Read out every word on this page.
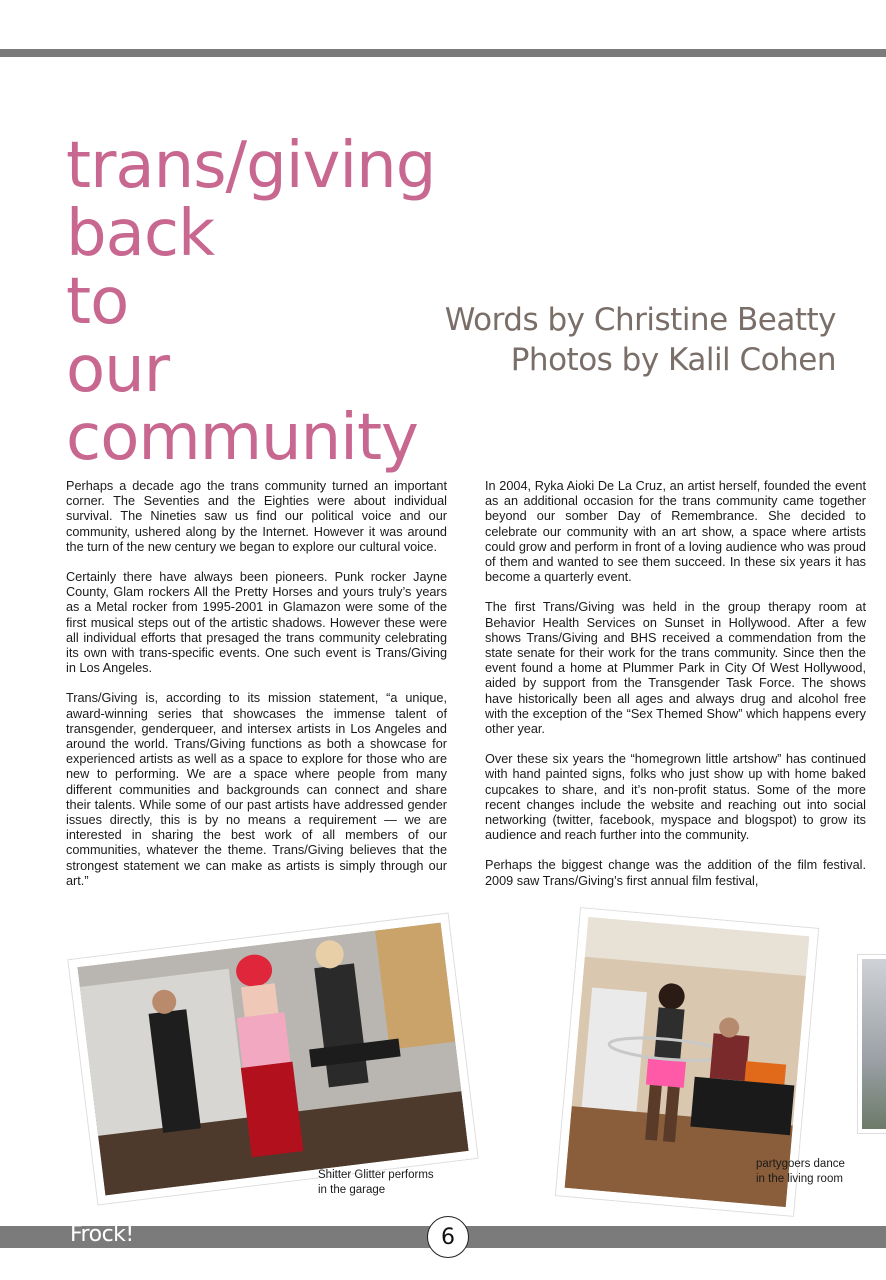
trans/giving
back
to
our
community
Words by Christine Beatty
Photos by Kalil Cohen

Perhaps a decade ago the trans community turned an important corner. The Seventies and the Eighties were about individual survival. The Nineties saw us find our political voice and our community, ushered along by the Internet. However it was around the turn of the new century we began to explore our cultural voice.

Certainly there have always been pioneers. Punk rocker Jayne County, Glam rockers All the Pretty Horses and yours truly’s years as a Metal rocker from 1995-2001 in Glamazon were some of the first musical steps out of the artistic shadows. However these were all individual efforts that presaged the trans community celebrating its own with trans-specific events. One such event is Trans/Giving in Los Angeles.

Trans/Giving is, according to its mission statement, “a unique, award-winning series that showcases the immense talent of transgender, genderqueer, and intersex artists in Los Angeles and around the world. Trans/Giving functions as both a showcase for experienced artists as well as a space to explore for those who are new to performing. We are a space where people from many different communities and backgrounds can connect and share their talents. While some of our past artists have addressed gender issues directly, this is by no means a requirement — we are interested in sharing the best work of all members of our communities, whatever the theme. Trans/Giving believes that the strongest statement we can make as artists is simply through our art.”

In 2004, Ryka Aioki De La Cruz, an artist herself, founded the event as an additional occasion for the trans community came together beyond our somber Day of Remembrance. She decided to celebrate our community with an art show, a space where artists could grow and perform in front of a loving audience who was proud of them and wanted to see them succeed. In these six years it has become a quarterly event.

The first Trans/Giving was held in the group therapy room at Behavior Health Services on Sunset in Hollywood. After a few shows Trans/Giving and BHS received a commendation from the state senate for their work for the trans community. Since then the event found a home at Plummer Park in City Of West Hollywood, aided by support from the Transgender Task Force. The shows have historically been all ages and always drug and alcohol free with the exception of the “Sex Themed Show” which happens every other year.

Over these six years the “homegrown little artshow” has continued with hand painted signs, folks who just show up with home baked cupcakes to share, and it’s non-profit status. Some of the more recent changes include the website and reaching out into social networking (twitter, facebook, myspace and blogspot) to grow its audience and reach further into the community.

Perhaps the biggest change was the addition of the film festival. 2009 saw Trans/Giving’s first annual film festival,

Shitter Glitter performs
in the garage
partygoers dance
in the living room
Frock!	6
